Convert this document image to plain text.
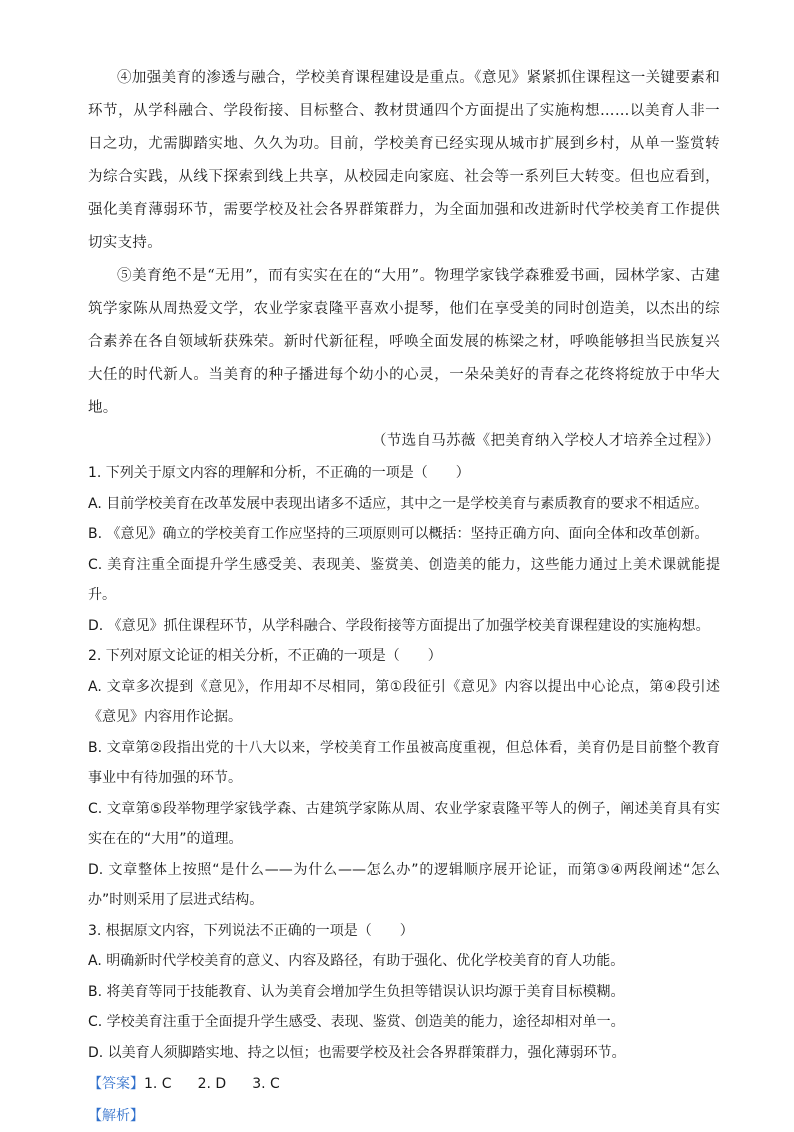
④加强美育的渗透与融合，学校美育课程建设是重点。《意见》紧紧抓住课程这一关键要素和环节，从学科融合、学段衔接、目标整合、教材贯通四个方面提出了实施构想……以美育人非一日之功，尤需脚踏实地、久久为功。目前，学校美育已经实现从城市扩展到乡村，从单一鉴赏转为综合实践，从线下探索到线上共享，从校园走向家庭、社会等一系列巨大转变。但也应看到，强化美育薄弱环节，需要学校及社会各界群策群力，为全面加强和改进新时代学校美育工作提供切实支持。

⑤美育绝不是“无用”，而有实实在在的“大用”。物理学家钱学森雅爱书画，园林学家、古建筑学家陈从周热爱文学，农业学家袁隆平喜欢小提琴，他们在享受美的同时创造美，以杰出的综合素养在各自领域斩获殊荣。新时代新征程，呼唤全面发展的栋梁之材，呼唤能够担当民族复兴大任的时代新人。当美育的种子播进每个幼小的心灵，一朵朵美好的青春之花终将绽放于中华大地。

（节选自马苏薇《把美育纳入学校人才培养全过程》）

1. 下列关于原文内容的理解和分析，不正确的一项是（　　）

A. 目前学校美育在改革发展中表现出诸多不适应，其中之一是学校美育与素质教育的要求不相适应。

B. 《意见》确立的学校美育工作应坚持的三项原则可以概括：坚持正确方向、面向全体和改革创新。

C. 美育注重全面提升学生感受美、表现美、鉴赏美、创造美的能力，这些能力通过上美术课就能提升。

D. 《意见》抓住课程环节，从学科融合、学段衔接等方面提出了加强学校美育课程建设的实施构想。

2. 下列对原文论证的相关分析，不正确的一项是（　　）

A. 文章多次提到《意见》，作用却不尽相同，第①段征引《意见》内容以提出中心论点，第④段引述《意见》内容用作论据。

B. 文章第②段指出党的十八大以来，学校美育工作虽被高度重视，但总体看，美育仍是目前整个教育事业中有待加强的环节。

C. 文章第⑤段举物理学家钱学森、古建筑学家陈从周、农业学家袁隆平等人的例子，阐述美育具有实实在在的“大用”的道理。

D. 文章整体上按照“是什么——为什么——怎么办”的逻辑顺序展开论证，而第③④两段阐述“怎么办”时则采用了层进式结构。

3. 根据原文内容，下列说法不正确的一项是（　　）

A. 明确新时代学校美育的意义、内容及路径，有助于强化、优化学校美育的育人功能。

B. 将美育等同于技能教育、认为美育会增加学生负担等错误认识均源于美育目标模糊。

C. 学校美育注重于全面提升学生感受、表现、鉴赏、创造美的能力，途径却相对单一。

D. 以美育人须脚踏实地、持之以恒；也需要学校及社会各界群策群力，强化薄弱环节。

【答案】1. C 2. D 3. C

【解析】
